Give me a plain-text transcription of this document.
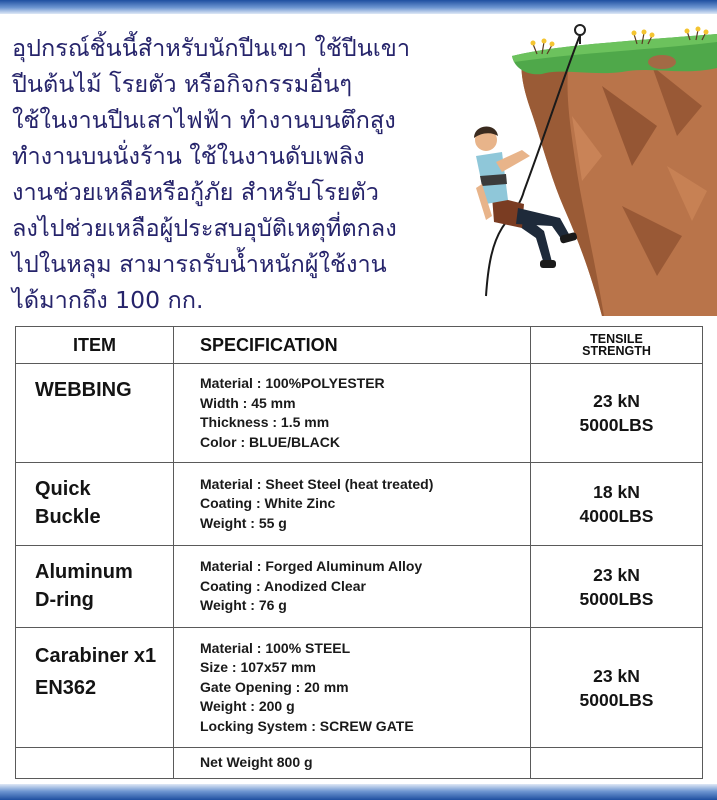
อุปกรณ์ชิ้นนี้สำหรับนักปีนเขา ใช้ปีนเขา
ปีนต้นไม้ โรยตัว หรือกิจกรรมอื่นๆ
ใช้ในงานปีนเสาไฟฟ้า ทำงานบนตึกสูง
ทำงานบนนั่งร้าน ใช้ในงานดับเพลิง
งานช่วยเหลือหรือกู้ภัย สำหรับโรยตัว
ลงไปช่วยเหลือผู้ประสบอุบัติเหตุที่ตกลง
ไปในหลุม สามารถรับน้ำหนักผู้ใช้งาน
ได้มากถึง 100 กก.
ITEM	SPECIFICATION	TENSILE
STRENGTH

WEBBING	Material : 100%POLYESTER
Width : 45 mm
Thickness : 1.5 mm
Color : BLUE/BLACK	23 kN
5000LBS

Quick
Buckle	Material : Sheet Steel (heat treated)
Coating : White Zinc
Weight : 55 g	18 kN
4000LBS

Aluminum
D-ring	Material : Forged Aluminum Alloy
Coating : Anodized Clear
Weight : 76 g	23 kN
5000LBS

Carabiner x1
EN362	Material : 100% STEEL
Size : 107x57 mm
Gate Opening : 20 mm
Weight : 200 g
Locking System : SCREW GATE	23 kN
5000LBS

	Net Weight 800 g	
